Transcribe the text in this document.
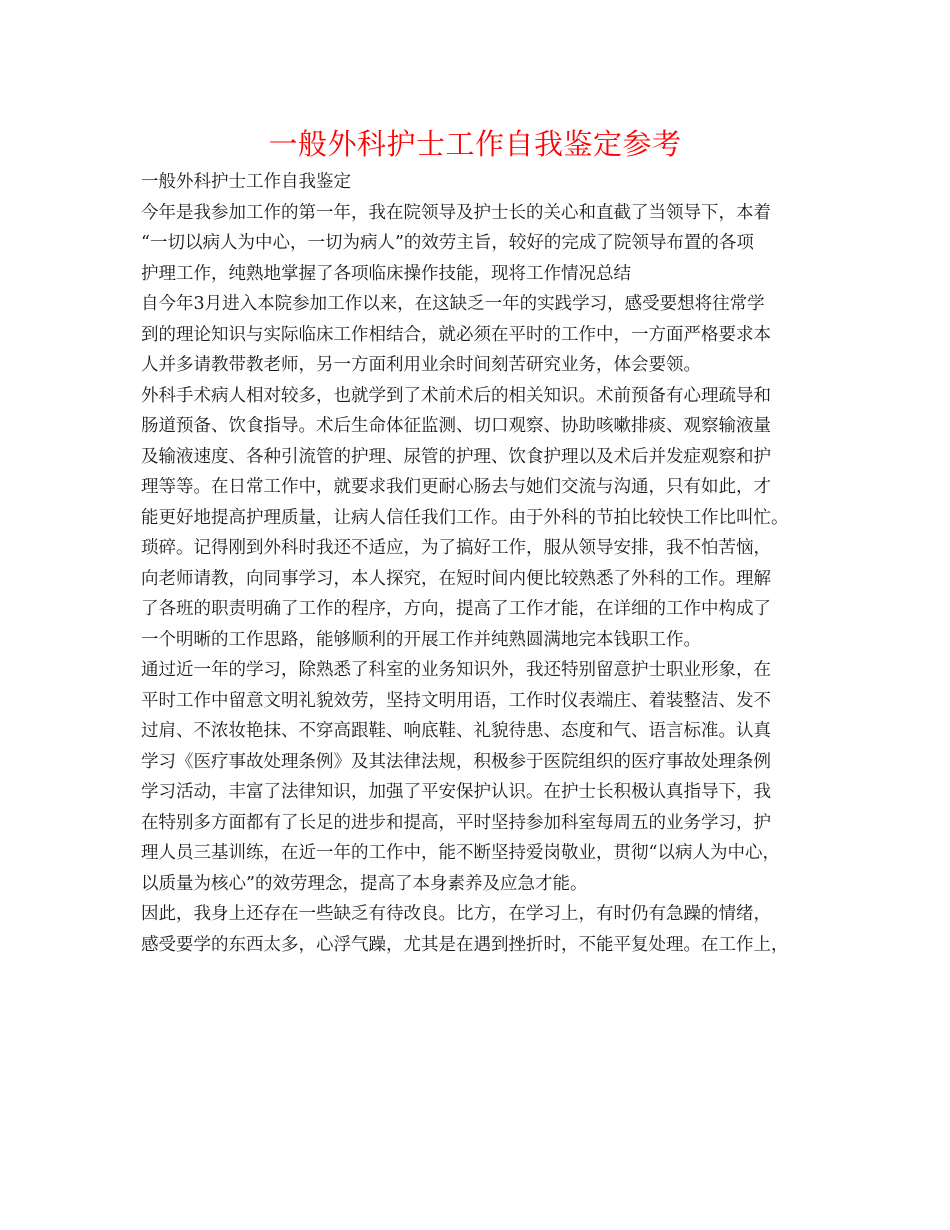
一般外科护士工作自我鉴定参考
一般外科护士工作自我鉴定
今年是我参加工作的第一年，我在院领导及护士长的关心和直截了当领导下，本着
“一切以病人为中心，一切为病人”的效劳主旨，较好的完成了院领导布置的各项
护理工作，纯熟地掌握了各项临床操作技能，现将工作情况总结
自今年3月进入本院参加工作以来，在这缺乏一年的实践学习，感受要想将往常学
到的理论知识与实际临床工作相结合，就必须在平时的工作中，一方面严格要求本
人并多请教带教老师，另一方面利用业余时间刻苦研究业务，体会要领。
外科手术病人相对较多，也就学到了术前术后的相关知识。术前预备有心理疏导和
肠道预备、饮食指导。术后生命体征监测、切口观察、协助咳嗽排痰、观察输液量
及输液速度、各种引流管的护理、尿管的护理、饮食护理以及术后并发症观察和护
理等等。在日常工作中，就要求我们更耐心肠去与她们交流与沟通，只有如此，才
能更好地提高护理质量，让病人信任我们工作。由于外科的节拍比较快工作比叫忙。
琐碎。记得刚到外科时我还不适应，为了搞好工作，服从领导安排，我不怕苦恼，
向老师请教，向同事学习，本人探究，在短时间内便比较熟悉了外科的工作。理解
了各班的职责明确了工作的程序，方向，提高了工作才能，在详细的工作中构成了
一个明晰的工作思路，能够顺利的开展工作并纯熟圆满地完本钱职工作。
通过近一年的学习，除熟悉了科室的业务知识外，我还特别留意护士职业形象，在
平时工作中留意文明礼貌效劳，坚持文明用语，工作时仪表端庄、着装整洁、发不
过肩、不浓妆艳抹、不穿高跟鞋、响底鞋、礼貌待患、态度和气、语言标准。认真
学习《医疗事故处理条例》及其法律法规，积极参于医院组织的医疗事故处理条例
学习活动，丰富了法律知识，加强了平安保护认识。在护士长积极认真指导下，我
在特别多方面都有了长足的进步和提高，平时坚持参加科室每周五的业务学习，护
理人员三基训练，在近一年的工作中，能不断坚持爱岗敬业，贯彻“以病人为中心，
以质量为核心”的效劳理念，提高了本身素养及应急才能。
因此，我身上还存在一些缺乏有待改良。比方，在学习上，有时仍有急躁的情绪，
感受要学的东西太多，心浮气躁，尤其是在遇到挫折时，不能平复处理。在工作上，
